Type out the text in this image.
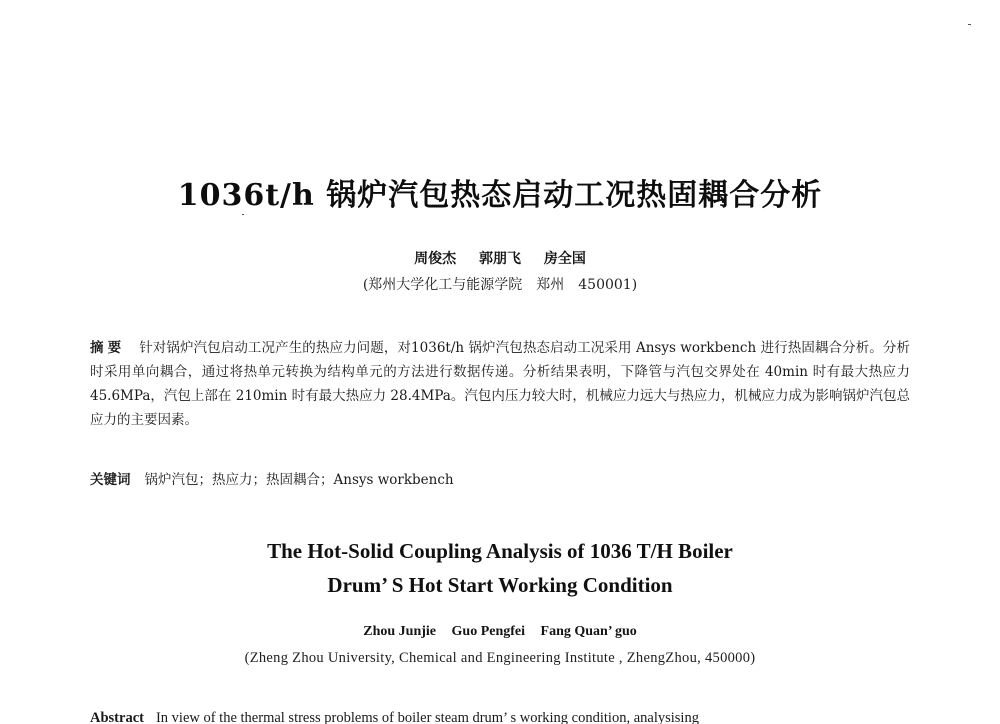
1036t/h 锅炉汽包热态启动工况热固耦合分析
周俊杰 郭朋飞 房全国
(郑州大学化工与能源学院　郑州　450001)
摘要 针对锅炉汽包启动工况产生的热应力问题，对1036t/h 锅炉汽包热态启动工况采用 Ansys workbench 进行热固耦合分析。分析时采用单向耦合，通过将热单元转换为结构单元的方法进行数据传递。分析结果表明，下降管与汽包交界处在 40min 时有最大热应力 45.6MPa，汽包上部在 210min 时有最大热应力 28.4MPa。汽包内压力较大时，机械应力远大与热应力，机械应力成为影响锅炉汽包总应力的主要因素。
关键词 锅炉汽包；热应力；热固耦合；Ansys workbench
The Hot-Solid Coupling Analysis of 1036 T/H Boiler
Drum’ S Hot Start Working Condition
Zhou Junjie Guo Pengfei Fang Quan’ guo
(Zheng Zhou University, Chemical and Engineering Institute , ZhengZhou, 450000)
Abstract In view of the thermal stress problems of boiler steam drum’ s working condition, analysising
